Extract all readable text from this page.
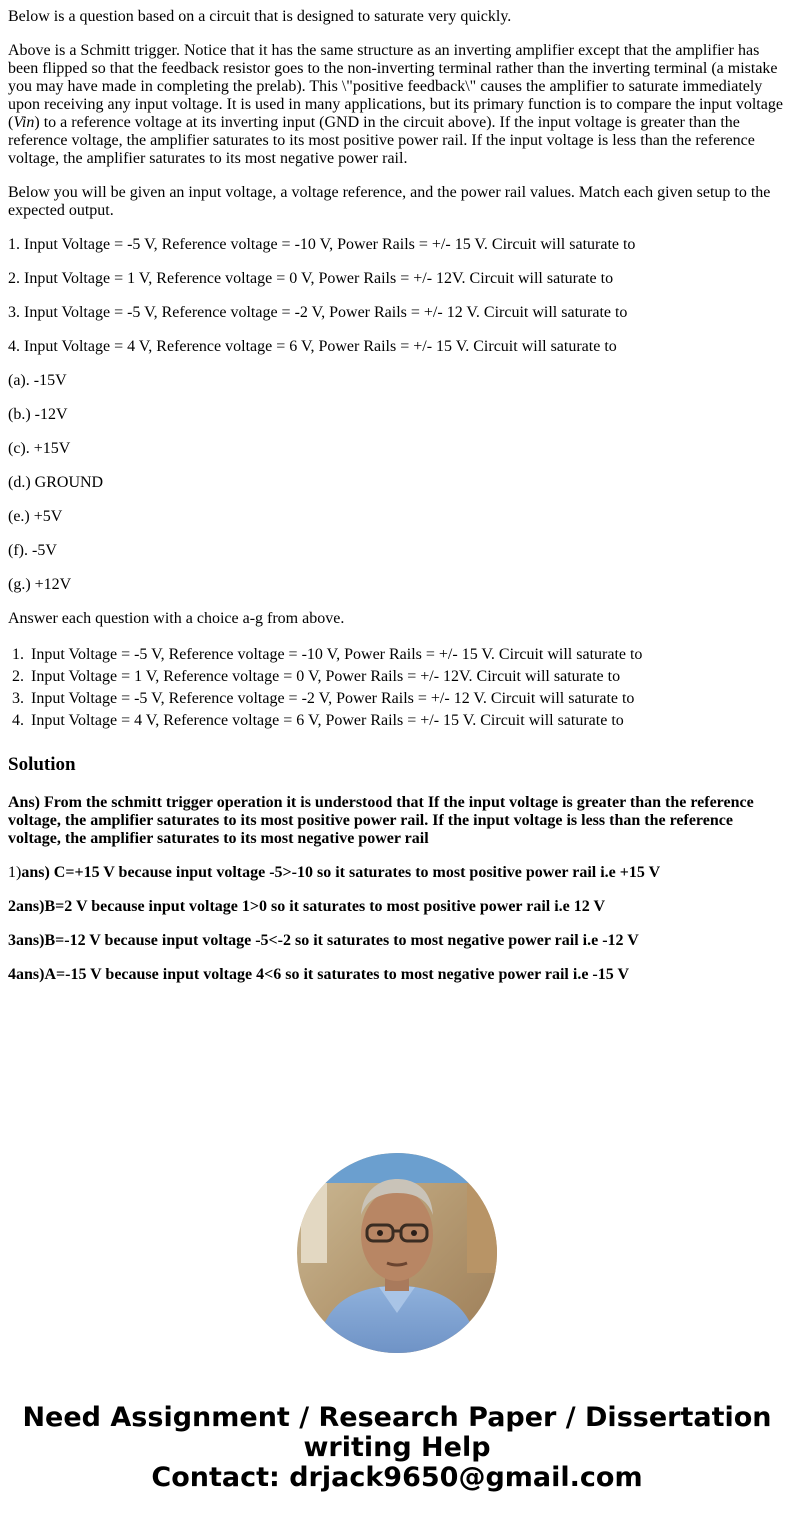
Below is a question based on a circuit that is designed to saturate very quickly.

Above is a Schmitt trigger. Notice that it has the same structure as an inverting amplifier except that the amplifier has been flipped so that the feedback resistor goes to the non-inverting terminal rather than the inverting terminal (a mistake you may have made in completing the prelab). This \"positive feedback\" causes the amplifier to saturate immediately upon receiving any input voltage. It is used in many applications, but its primary function is to compare the input voltage (Vin) to a reference voltage at its inverting input (GND in the circuit above). If the input voltage is greater than the reference voltage, the amplifier saturates to its most positive power rail. If the input voltage is less than the reference voltage, the amplifier saturates to its most negative power rail.

Below you will be given an input voltage, a voltage reference, and the power rail values. Match each given setup to the expected output.

1. Input Voltage = -5 V, Reference voltage = -10 V, Power Rails = +/- 15 V. Circuit will saturate to

2. Input Voltage = 1 V, Reference voltage = 0 V, Power Rails = +/- 12V. Circuit will saturate to

3. Input Voltage = -5 V, Reference voltage = -2 V, Power Rails = +/- 12 V. Circuit will saturate to

4. Input Voltage = 4 V, Reference voltage = 6 V, Power Rails = +/- 15 V. Circuit will saturate to

(a). -15V

(b.) -12V

(c). +15V

(d.) GROUND

(e.) +5V

(f). -5V

(g.) +12V

Answer each question with a choice a-g from above.

1. Input Voltage = -5 V, Reference voltage = -10 V, Power Rails = +/- 15 V. Circuit will saturate to
2. Input Voltage = 1 V, Reference voltage = 0 V, Power Rails = +/- 12V. Circuit will saturate to
3. Input Voltage = -5 V, Reference voltage = -2 V, Power Rails = +/- 12 V. Circuit will saturate to
4. Input Voltage = 4 V, Reference voltage = 6 V, Power Rails = +/- 15 V. Circuit will saturate to
Solution

Ans) From the schmitt trigger operation it is understood that If the input voltage is greater than the reference voltage, the amplifier saturates to its most positive power rail. If the input voltage is less than the reference voltage, the amplifier saturates to its most negative power rail

1)ans) C=+15 V because input voltage -5>-10 so it saturates to most positive power rail i.e +15 V

2ans)B=2 V because input voltage 1>0 so it saturates to most positive power rail i.e 12 V

3ans)B=-12 V because input voltage -5<-2 so it saturates to most negative power rail i.e -12 V

4ans)A=-15 V because input voltage 4<6 so it saturates to most negative power rail i.e -15 V

Need Assignment / Research Paper / Dissertation
writing Help
Contact: drjack9650@gmail.com
